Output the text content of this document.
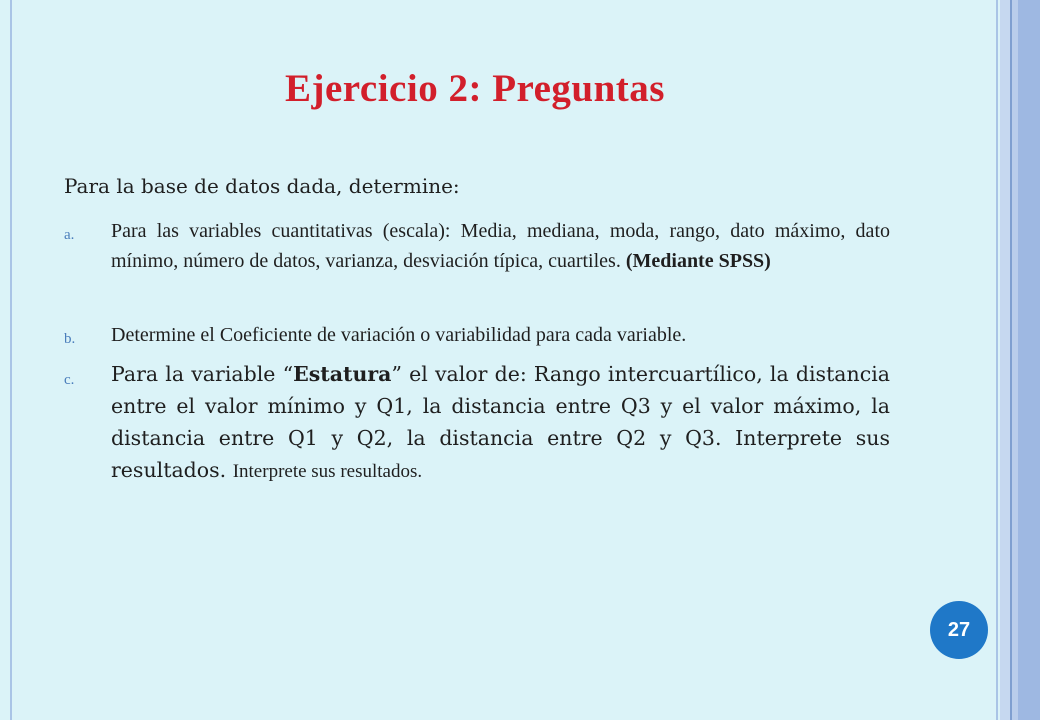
Ejercicio 2: Preguntas

Para la base de datos dada, determine:

a. Para las variables cuantitativas (escala): Media, mediana, moda, rango, dato máximo, dato mínimo, número de datos, varianza, desviación típica, cuartiles. (Mediante SPSS)
b. Determine el Coeficiente de variación o variabilidad para cada variable.
c. Para la variable “Estatura” el valor de: Rango intercuartílico, la distancia entre el valor mínimo y Q1, la distancia entre Q3 y el valor máximo, la distancia entre Q1 y Q2, la distancia entre Q2 y Q3. Interprete sus resultados. Interprete sus resultados.
27
